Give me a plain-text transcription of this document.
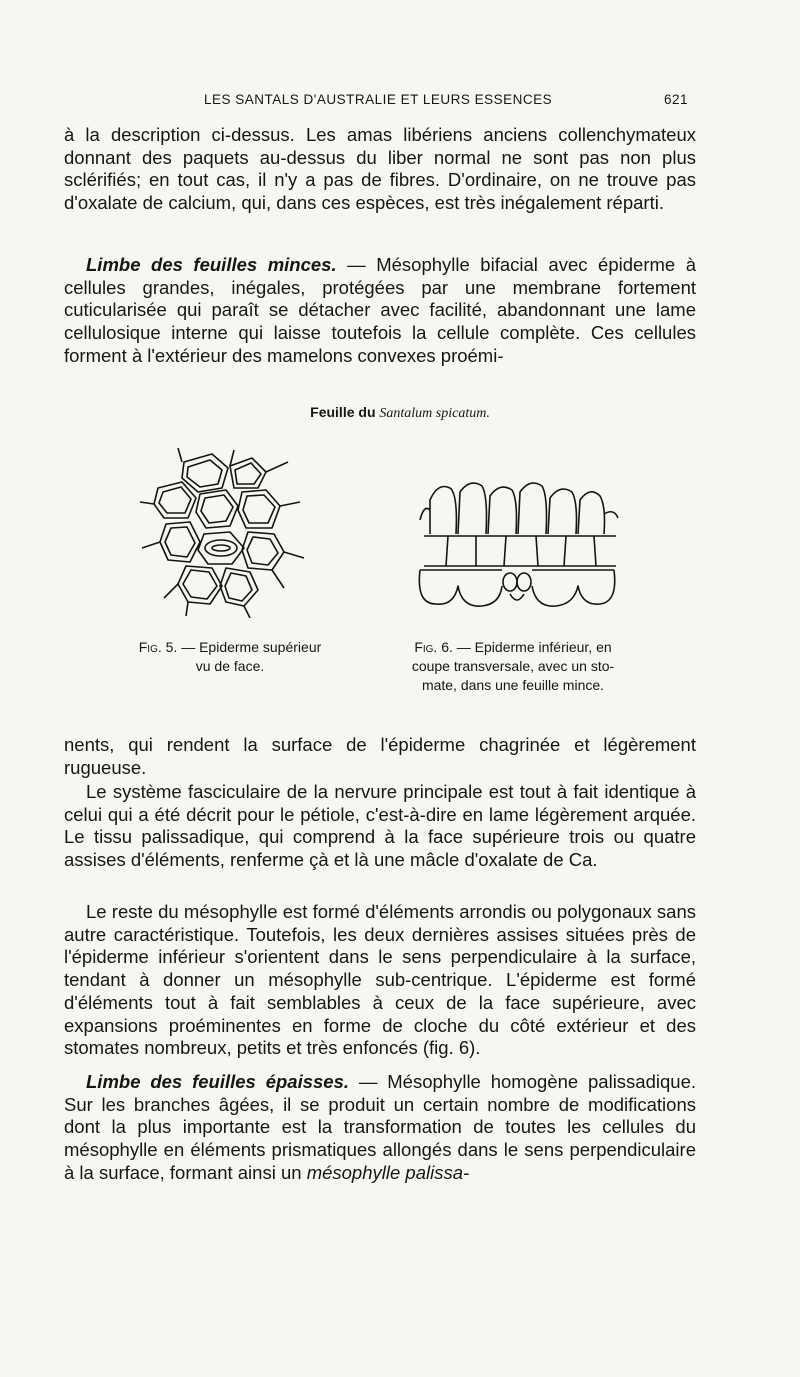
LES SANTALS D'AUSTRALIE ET LEURS ESSENCES	621

à la description ci-dessus. Les amas libériens anciens collenchymateux donnant des paquets au-dessus du liber normal ne sont pas non plus sclérifiés; en tout cas, il n'y a pas de fibres. D'ordinaire, on ne trouve pas d'oxalate de calcium, qui, dans ces espèces, est très inégalement réparti.

Limbe des feuilles minces. — Mésophylle bifacial avec épiderme à cellules grandes, inégales, protégées par une membrane fortement cuticularisée qui paraît se détacher avec facilité, abandonnant une lame cellulosique interne qui laisse toutefois la cellule complète. Ces cellules forment à l'extérieur des mamelons convexes proémi-

Feuille du Santalum spicatum.
Fig. 5. — Epiderme supérieur
vu de face.
Fig. 6. — Epiderme inférieur, en
coupe transversale, avec un sto-
mate, dans une feuille mince.

nents, qui rendent la surface de l'épiderme chagrinée et légèrement rugueuse.

Le système fasciculaire de la nervure principale est tout à fait identique à celui qui a été décrit pour le pétiole, c'est-à-dire en lame légèrement arquée. Le tissu palissadique, qui comprend à la face supérieure trois ou quatre assises d'éléments, renferme çà et là une mâcle d'oxalate de Ca.

Le reste du mésophylle est formé d'éléments arrondis ou polygonaux sans autre caractéristique. Toutefois, les deux dernières assises situées près de l'épiderme inférieur s'orientent dans le sens perpendiculaire à la surface, tendant à donner un mésophylle sub-centrique. L'épiderme est formé d'éléments tout à fait semblables à ceux de la face supérieure, avec expansions proéminentes en forme de cloche du côté extérieur et des stomates nombreux, petits et très enfoncés (fig. 6).

Limbe des feuilles épaisses. — Mésophylle homogène palissadique. Sur les branches âgées, il se produit un certain nombre de modifications dont la plus importante est la transformation de toutes les cellules du mésophylle en éléments prismatiques allongés dans le sens perpendiculaire à la surface, formant ainsi un mésophylle palissa-
